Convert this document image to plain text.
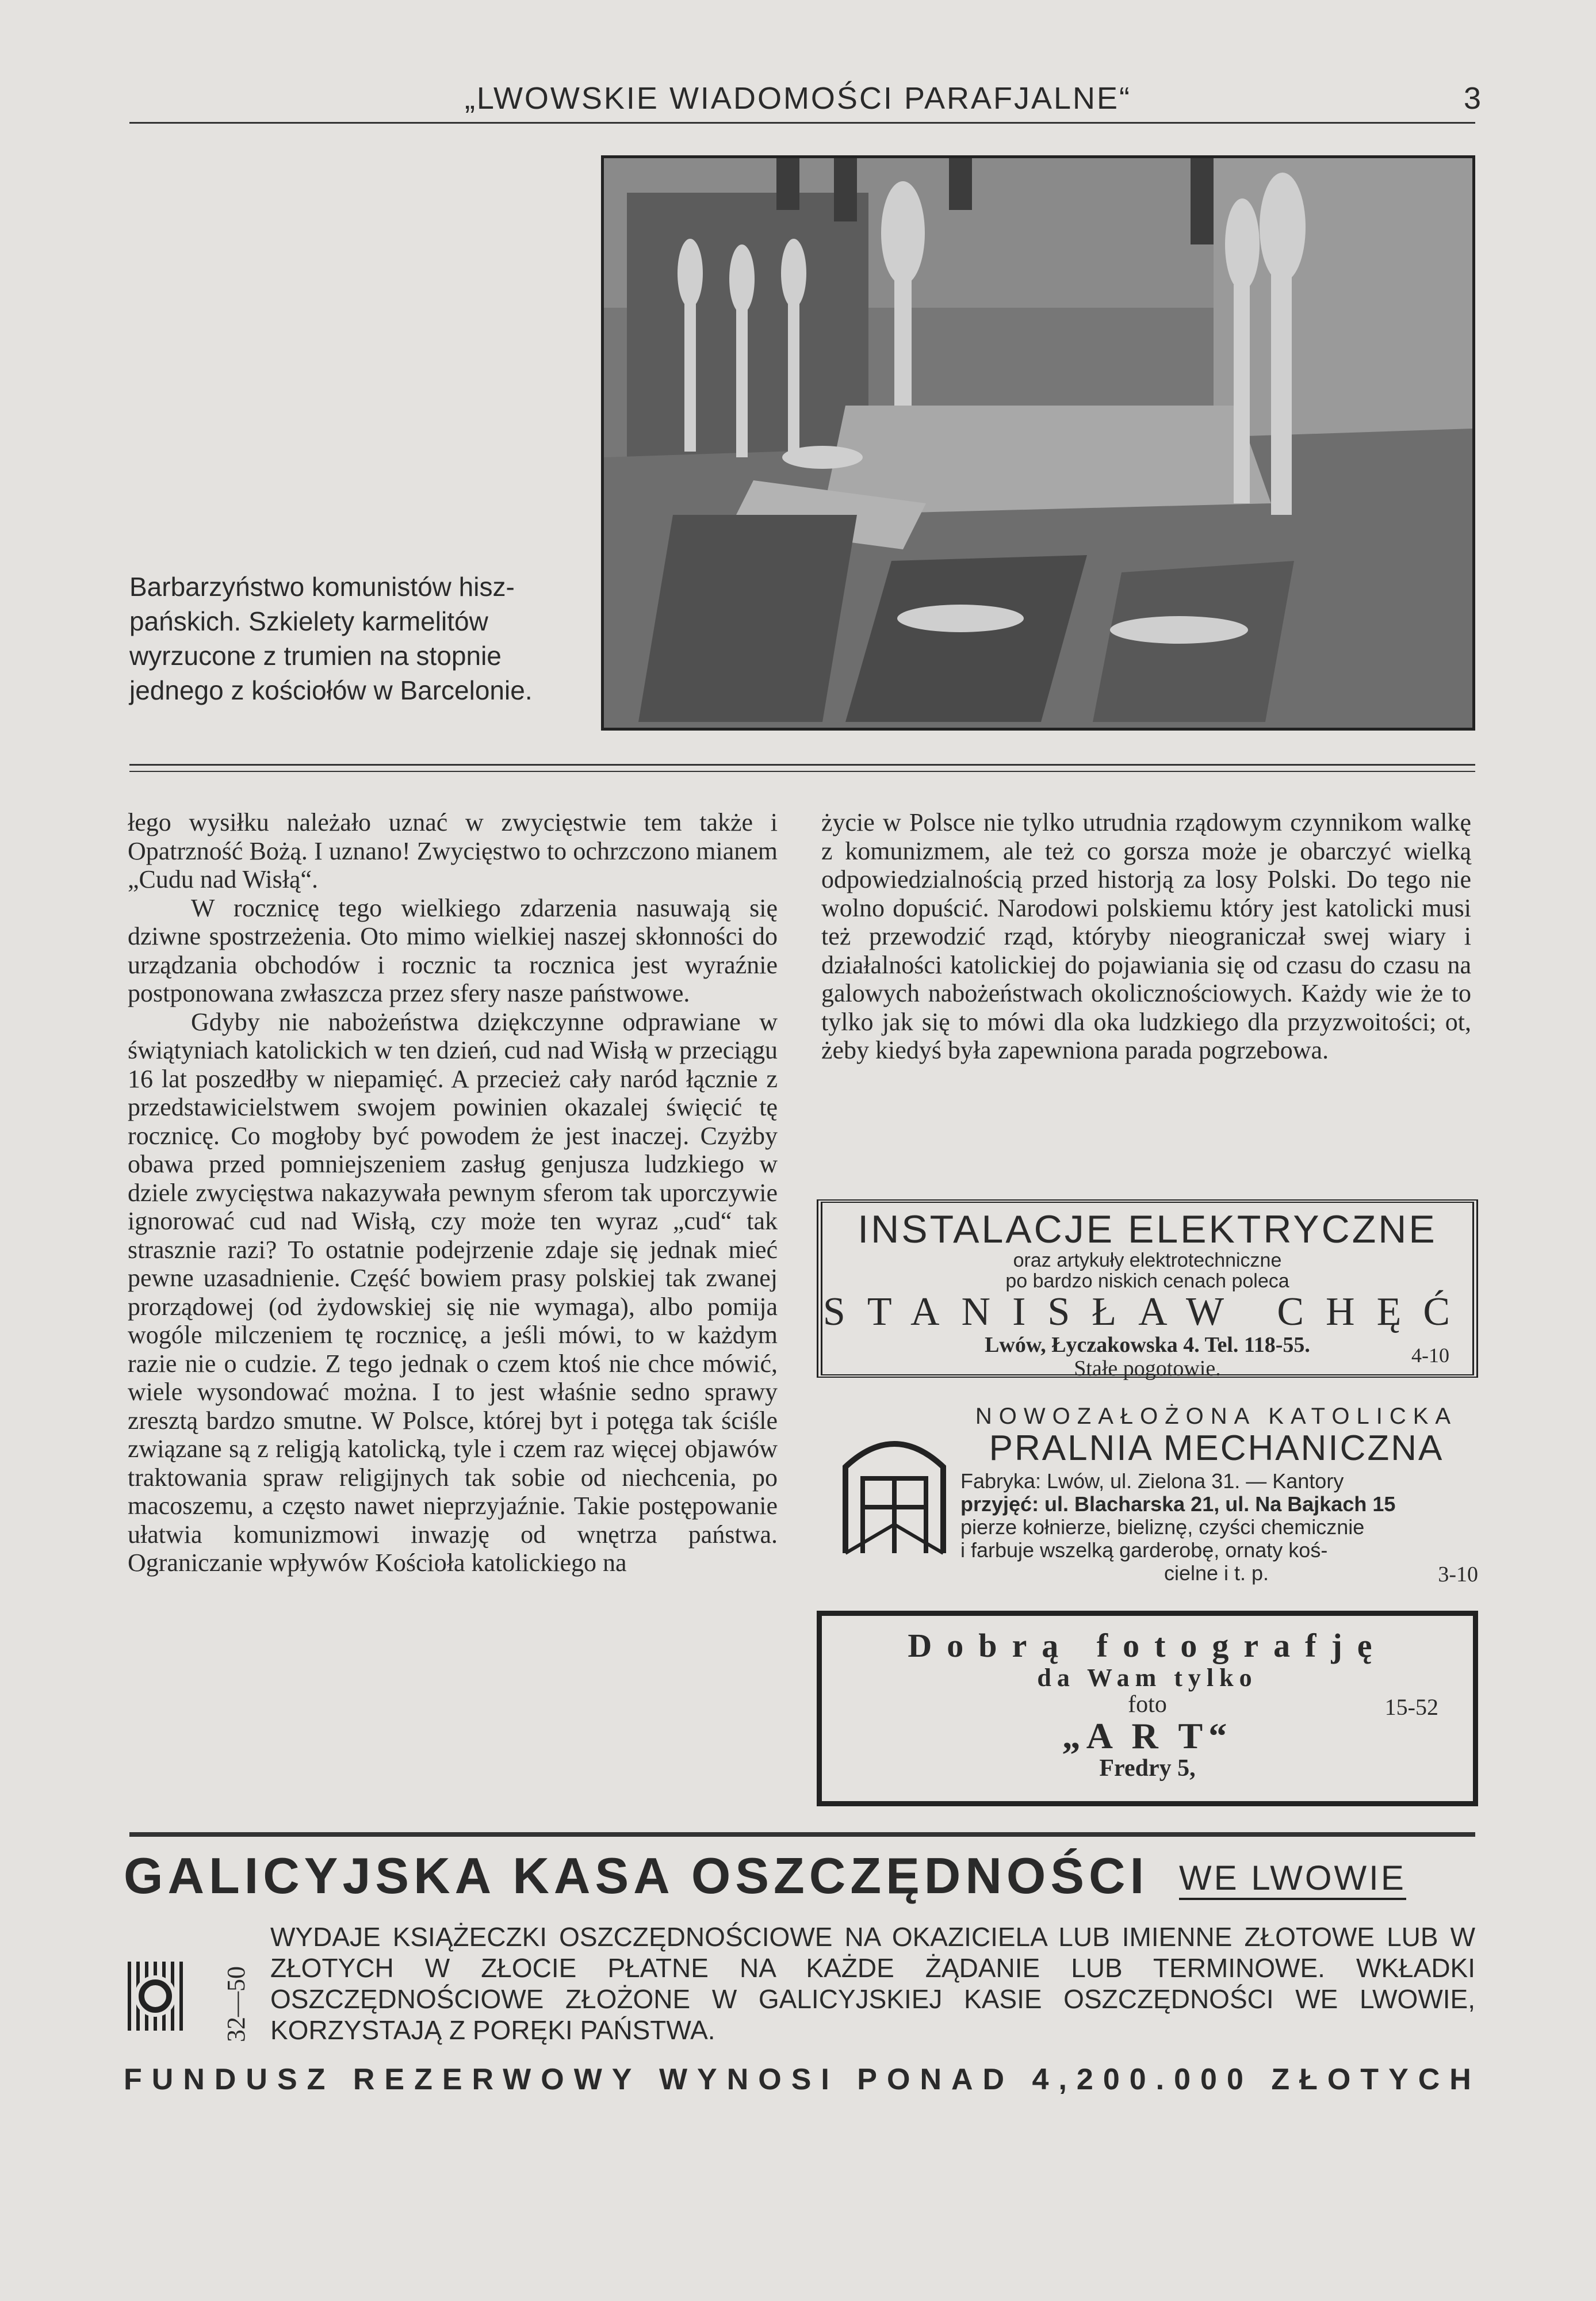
„LWOWSKIE WIADOMOŚCI PARAFJALNE“	3
Barbarzyństwo komunistów hisz-
pańskich. Szkielety karmelitów
wyrzucone z trumien na stopnie
jednego z kościołów w Barcelonie.

łego wysiłku należało uznać w zwycięstwie tem także i Opatrzność Bożą. I uznano! Zwycięstwo to ochrzczono mianem „Cudu nad Wisłą“.

W rocznicę tego wielkiego zdarzenia nasuwają się dziwne spostrzeżenia. Oto mimo wielkiej naszej skłonności do urządzania obchodów i rocznic ta rocznica jest wyraźnie postponowana zwłaszcza przez sfery nasze państwowe.

Gdyby nie nabożeństwa dziękczynne odprawiane w świątyniach katolickich w ten dzień, cud nad Wisłą w przeciągu 16 lat poszedłby w niepamięć. A przecież cały naród łącznie z przedstawicielstwem swojem powinien okazalej święcić tę rocznicę. Co mogłoby być powodem że jest inaczej. Czyżby obawa przed pomniejszeniem zasług genjusza ludzkiego w dziele zwycięstwa nakazywała pewnym sferom tak uporczywie ignorować cud nad Wisłą, czy może ten wyraz „cud“ tak strasznie razi? To ostatnie podejrzenie zdaje się jednak mieć pewne uzasadnienie. Część bowiem prasy polskiej tak zwanej prorządowej (od żydowskiej się nie wymaga), albo pomija wogóle milczeniem tę rocznicę, a jeśli mówi, to w każdym razie nie o cudzie. Z tego jednak o czem ktoś nie chce mówić, wiele wysondować można. I to jest właśnie sedno sprawy zresztą bardzo smutne. W Polsce, której byt i potęga tak ściśle związane są z religją katolicką, tyle i czem raz więcej objawów traktowania spraw religijnych tak sobie od niechcenia, po macoszemu, a często nawet nieprzyjaźnie. Takie postępowanie ułatwia komunizmowi inwazję od wnętrza państwa. Ograniczanie wpływów Kościoła katolickiego na

życie w Polsce nie tylko utrudnia rządowym czynnikom walkę z komunizmem, ale też co gorsza może je obarczyć wielką odpowiedzialnością przed historją za losy Polski. Do tego nie wolno dopuścić. Narodowi polskiemu który jest katolicki musi też przewodzić rząd, któryby nieograniczał swej wiary i działalności katolickiej do pojawiania się od czasu do czasu na galowych nabożeństwach okolicznościowych. Każdy wie że to tylko jak się to mówi dla oka ludzkiego dla przyzwoitości; ot, żeby kiedyś była zapewniona parada pogrzebowa.

INSTALACJE ELEKTRYCZNE
oraz artykuły elektrotechniczne
po bardzo niskich cenach poleca
STANISŁAW CHĘĆ
Lwów, Łyczakowska 4. Tel. 118-55.
Stałe pogotowie.
4-10
NOWOZAŁOŻONA KATOLICKA
PRALNIA MECHANICZNA
Fabryka: Lwów, ul. Zielona 31. — Kantory
przyjęć: ul. Blacharska 21, ul. Na Bajkach 15
pierze kołnierze, bieliznę, czyści chemicznie
i farbuje wszelką garderobę, ornaty koś-
cielne i t. p.	3-10
Dobrą fotografję
da Wam tylko
foto
„A R T“
Fredry 5,
15-52
GALICYJSKA KASA OSZCZĘDNOŚCI WE LWOWIE
32—50
WYDAJE KSIĄŻECZKI OSZCZĘDNOŚCIOWE NA OKAZICIELA LUB IMIENNE ZŁOTOWE LUB W ZŁOTYCH W ZŁOCIE PŁATNE NA KAŻDE ŻĄDANIE LUB TERMINOWE. WKŁADKI OSZCZĘDNOŚCIOWE ZŁOŻONE W GALICYJSKIEJ KASIE OSZCZĘDNOŚCI WE LWOWIE, KORZYSTAJĄ Z PORĘKI PAŃSTWA.
FUNDUSZ REZERWOWY WYNOSI PONAD 4,200.000 ZŁOTYCH
